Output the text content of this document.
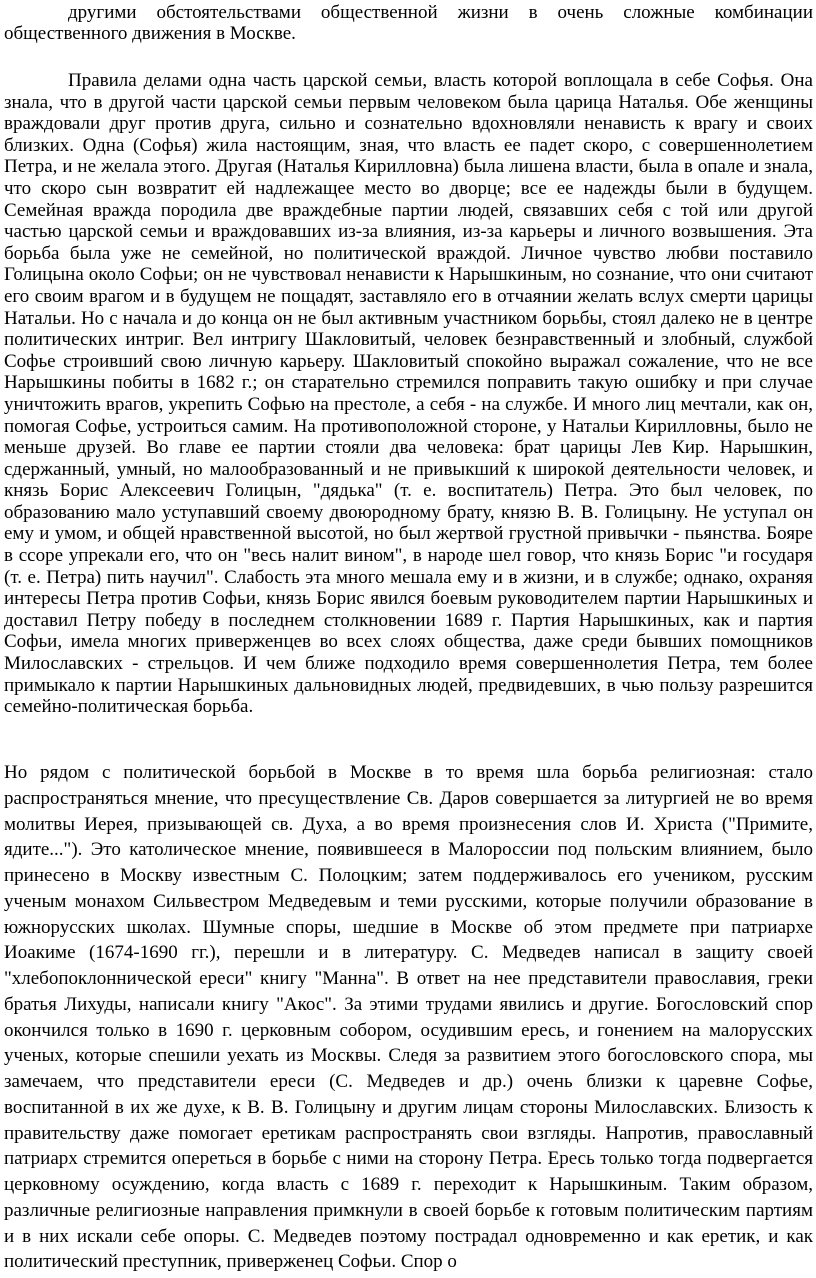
другими обстоятельствами общественной жизни в очень сложные комбинации общественного движения в Москве.

Правила делами одна часть царской семьи, власть которой воплощала в себе Софья. Она знала, что в другой части царской семьи первым человеком была царица Наталья. Обе женщины враждовали друг против друга, сильно и сознательно вдохновляли ненависть к врагу и своих близких. Одна (Софья) жила настоящим, зная, что власть ее падет скоро, с совершеннолетием Петра, и не желала этого. Другая (Наталья Кирилловна) была лишена власти, была в опале и знала, что скоро сын возвратит ей надлежащее место во дворце; все ее надежды были в будущем. Семейная вражда породила две враждебные партии людей, связавших себя с той или другой частью царской семьи и враждовавших из-за влияния, из-за карьеры и личного возвышения. Эта борьба была уже не семейной, но политической враждой. Личное чувство любви поставило Голицына около Софьи; он не чувствовал ненависти к Нарышкиным, но сознание, что они считают его своим врагом и в будущем не пощадят, заставляло его в отчаянии желать вслух смерти царицы Натальи. Но с начала и до конца он не был активным участником борьбы, стоял далеко не в центре политических интриг. Вел интригу Шакловитый, человек безнравственный и злобный, службой Софье строивший свою личную карьеру. Шакловитый спокойно выражал сожаление, что не все Нарышкины побиты в 1682 г.; он старательно стремился поправить такую ошибку и при случае уничтожить врагов, укрепить Софью на престоле, а себя - на службе. И много лиц мечтали, как он, помогая Софье, устроиться самим. На противоположной стороне, у Натальи Кирилловны, было не меньше друзей. Во главе ее партии стояли два человека: брат царицы Лев Кир. Нарышкин, сдержанный, умный, но малообразованный и не привыкший к широкой деятельности человек, и князь Борис Алексеевич Голицын, "дядька" (т. е. воспитатель) Петра. Это был человек, по образованию мало уступавший своему двоюродному брату, князю В. В. Голицыну. Не уступал он ему и умом, и общей нравственной высотой, но был жертвой грустной привычки - пьянства. Бояре в ссоре упрекали его, что он "весь налит вином", в народе шел говор, что князь Борис "и государя (т. е. Петра) пить научил". Слабость эта много мешала ему и в жизни, и в службе; однако, охраняя интересы Петра против Софьи, князь Борис явился боевым руководителем партии Нарышкиных и доставил Петру победу в последнем столкновении 1689 г. Партия Нарышкиных, как и партия Софьи, имела многих приверженцев во всех слоях общества, даже среди бывших помощников Милославских - стрельцов. И чем ближе подходило время совершеннолетия Петра, тем более примыкало к партии Нарышкиных дальновидных людей, предвидевших, в чью пользу разрешится семейно-политическая борьба.

Но рядом с политической борьбой в Москве в то время шла борьба религиозная: стало распространяться мнение, что пресуществление Св. Даров совершается за литургией не во время молитвы Иерея, призывающей св. Духа, а во время произнесения слов И. Христа ("Примите, ядите..."). Это католическое мнение, появившееся в Малороссии под польским влиянием, было принесено в Москву известным С. Полоцким; затем поддерживалось его учеником, русским ученым монахом Сильвестром Медведевым и теми русскими, которые получили образование в южнорусских школах. Шумные споры, шедшие в Москве об этом предмете при патриархе Иоакиме (1674-1690 гг.), перешли и в литературу. С. Медведев написал в защиту своей "хлебопоклоннической ереси" книгу "Манна". В ответ на нее представители православия, греки братья Лихуды, написали книгу "Акос". За этими трудами явились и другие. Богословский спор окончился только в 1690 г. церковным собором, осудившим ересь, и гонением на малорусских ученых, которые спешили уехать из Москвы. Следя за развитием этого богословского спора, мы замечаем, что представители ереси (С. Медведев и др.) очень близки к царевне Софье, воспитанной в их же духе, к В. В. Голицыну и другим лицам стороны Милославских. Близость к правительству даже помогает еретикам распространять свои взгляды. Напротив, православный патриарх стремится опереться в борьбе с ними на сторону Петра. Ересь только тогда подвергается церковному осуждению, когда власть с 1689 г. переходит к Нарышкиным. Таким образом, различные религиозные направления примкнули в своей борьбе к готовым политическим партиям и в них искали себе опоры. С. Медведев поэтому пострадал одновременно и как еретик, и как политический преступник, приверженец Софьи. Спор о
